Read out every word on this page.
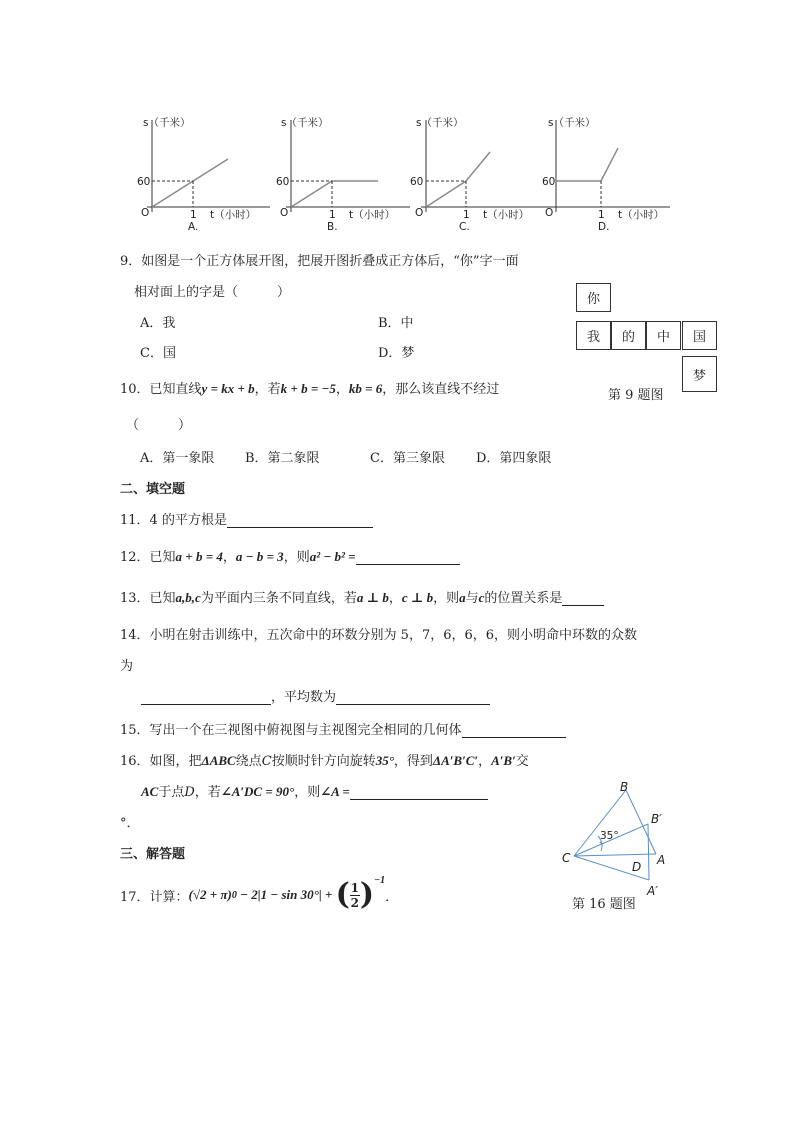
s（千米）
60
O	1 t（小时）
A.
s（千米）
60
O	1 t（小时）
B.
s（千米）
60
O	1 t（小时）
C.
s（千米）
60
O	1 t（小时）
D.
9．如图是一个正方体展开图，把展开图折叠成正方体后，“你”字一面
相对面上的字是（　　　）
A．我	B．中
C．国	D．梦
你
我	的	中	国
梦
第 9 题图
10．已知直线y = kx + b，若k + b = −5，kb = 6，那么该直线不经过
（　　　）
A．第一象限 B．第二象限	C．第三象限 D．第四象限
二、填空题
11．4 的平方根是
12．已知a + b = 4，a − b = 3，则a² − b² =
13．已知a,b,c为平面内三条不同直线，若a ⊥ b，c ⊥ b，则a与c的位置关系是
14．小明在射击训练中，五次命中的环数分别为 5，7，6，6，6，则小明命中环数的众数
为
，平均数为
15．写出一个在三视图中俯视图与主视图完全相同的几何体
16．如图，把ΔABC绕点C按顺时针方向旋转35°，得到ΔA′B′C′，A′B′交
AC于点D，若∠A′DC = 90°，则∠A =
°．
B
B′
C
D A
A′
35°
第 16 题图
三、解答题
17．计算： (√2 + π) 0 − 2|1 − sin 30°| + ( 1
2 )$^{-1}$
．
